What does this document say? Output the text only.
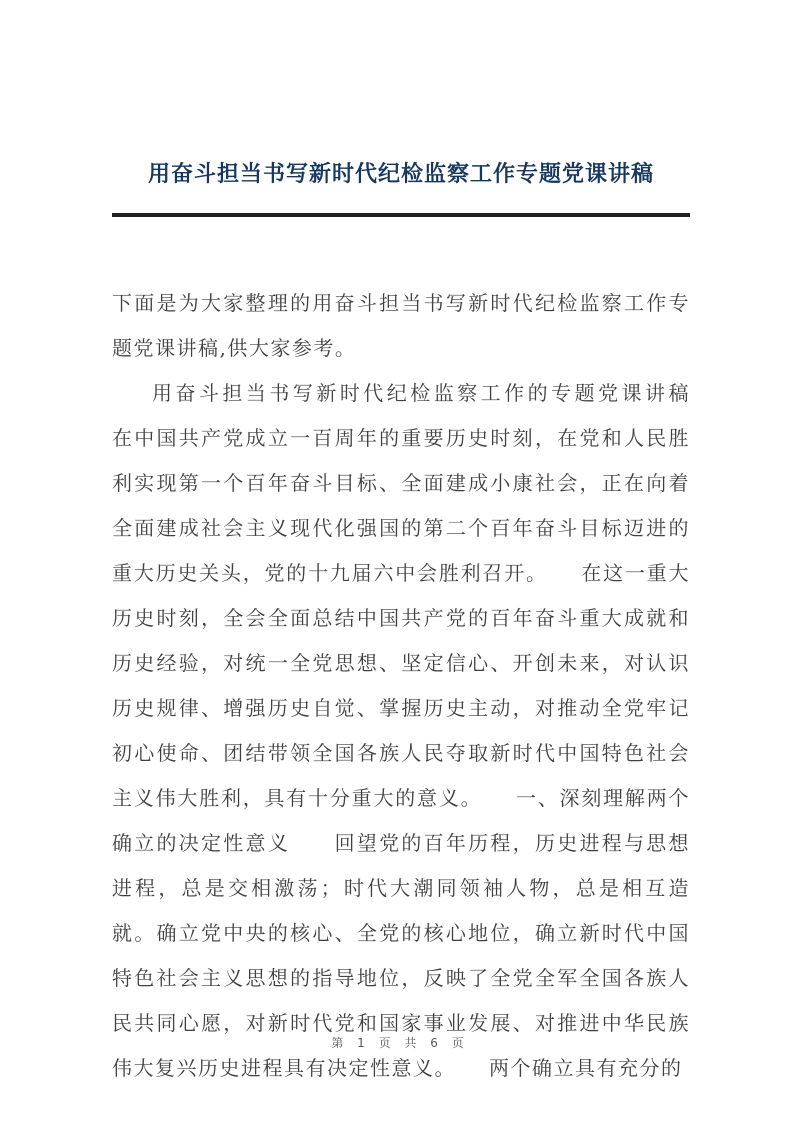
用奋斗担当书写新时代纪检监察工作专题党课讲稿

下面是为大家整理的用奋斗担当书写新时代纪检监察工作专题党课讲稿,供大家参考。

用奋斗担当书写新时代纪检监察工作的专题党课讲稿　　在中国共产党成立一百周年的重要历史时刻，在党和人民胜利实现第一个百年奋斗目标、全面建成小康社会，正在向着全面建成社会主义现代化强国的第二个百年奋斗目标迈进的重大历史关头，党的十九届六中会胜利召开。　　在这一重大历史时刻，全会全面总结中国共产党的百年奋斗重大成就和历史经验，对统一全党思想、坚定信心、开创未来，对认识历史规律、增强历史自觉、掌握历史主动，对推动全党牢记初心使命、团结带领全国各族人民夺取新时代中国特色社会主义伟大胜利，具有十分重大的意义。　　一、深刻理解两个确立的决定性意义　　回望党的百年历程，历史进程与思想进程，总是交相激荡；时代大潮同领袖人物，总是相互造就。确立党中央的核心、全党的核心地位，确立新时代中国特色社会主义思想的指导地位，反映了全党全军全国各族人民共同心愿，对新时代党和国家事业发展、对推进中华民族伟大复兴历史进程具有决定性意义。　　两个确立具有充分的

第 1 页 共 6 页
